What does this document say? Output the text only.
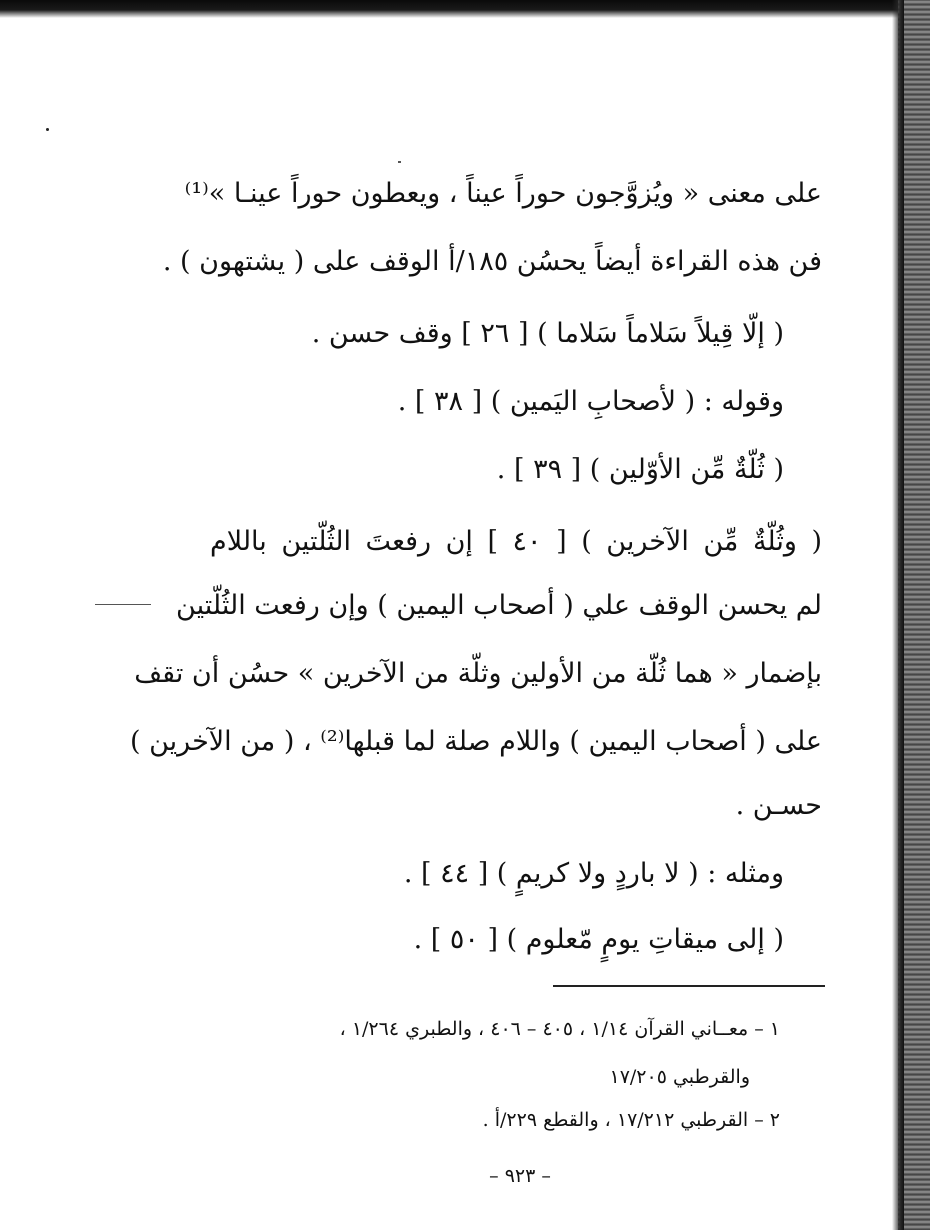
على معنى « ويُزوَّجون حوراً عيناً ، ويعطون حوراً عينـا »⁽¹⁾
فن هذه القراءة أيضاً يحسُن ١٨٥/أ الوقف على ( يشتهون ) .
( إلّا قِيلاً سَلاماً سَلاما ) [ ٢٦ ] وقف حسن .
وقوله : ( لأصحابِ اليَمين ) [ ٣٨ ] .
( ثُلّةٌ مِّن الأوّلين ) [ ٣٩ ] .
( وثُلّةٌ مِّن الآخرين ) [ ٤٠ ] إن رفعتَ الثُلّتين باللام
لم يحسن الوقف علي ( أصحاب اليمين ) وإن رفعت الثُلّتين
بإضمار « هما ثُلّة من الأولين وثلّة من الآخرين » حسُن أن تقف
على ( أصحاب اليمين ) واللام صلة لما قبلها⁽²⁾ ، ( من الآخرين )
حسـن .
ومثله : ( لا باردٍ ولا كريمٍ ) [ ٤٤ ] .
( إلى ميقاتِ يومٍ مّعلوم ) [ ٥٠ ] .
١ – معــاني القرآن ١/١٤ ، ٤٠٥ – ٤٠٦ ، والطبري ١/٢٦٤ ،
والقرطبي ١٧/٢٠٥
٢ – القرطبي ١٧/٢١٢ ، والقطع ٢٢٩/أ .
– ٩٢٣ –
